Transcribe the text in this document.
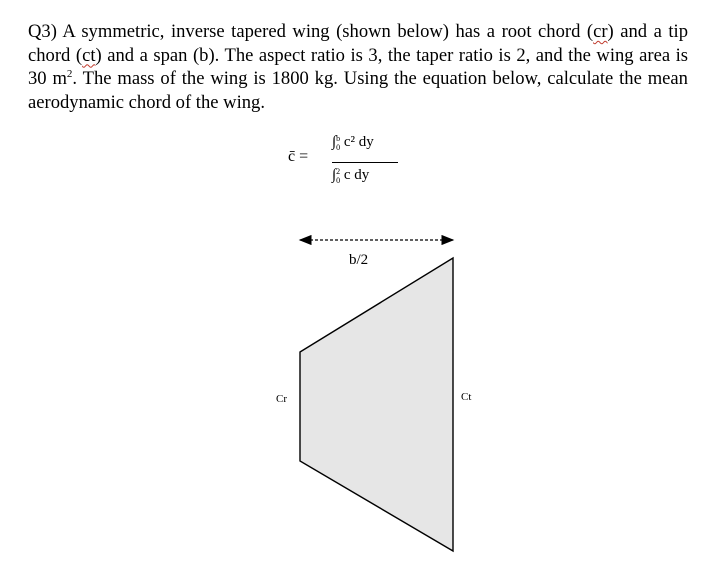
Q3) A symmetric, inverse tapered wing (shown below) has a root chord (cr) and a tip chord (ct) and a span (b). The aspect ratio is 3, the taper ratio is 2, and the wing area is 30 $m^2$. The mass of the wing is 1800 kg. Using the equation below, calculate the mean aerodynamic chord of the wing.

c̄ =
∫b
0 c² dy
∫2
0 c dy
b/2
Cr	Ct
